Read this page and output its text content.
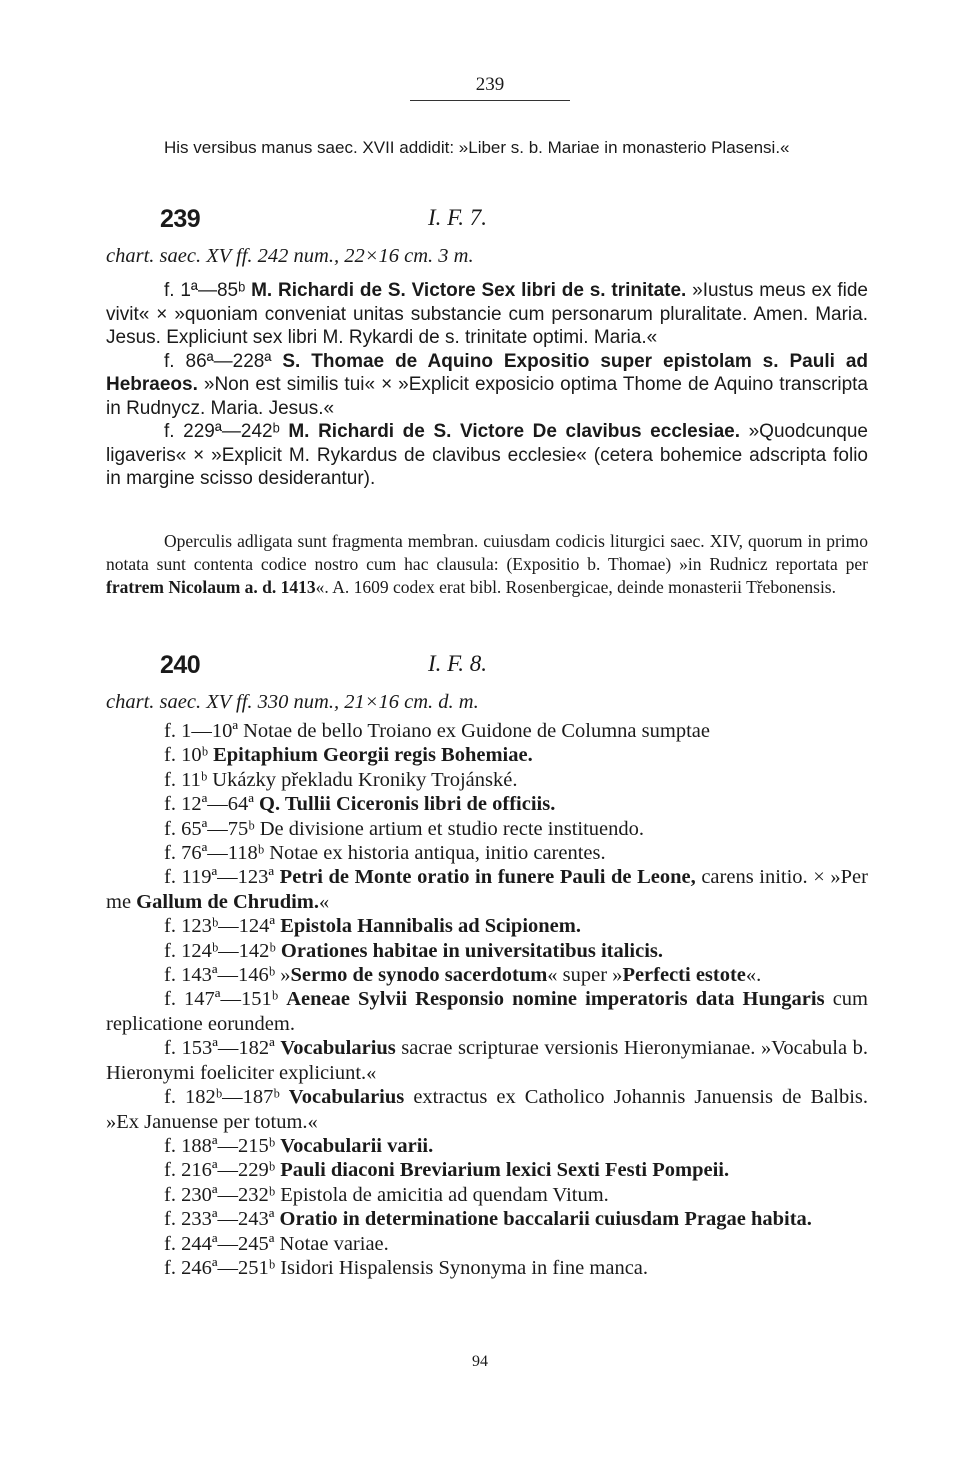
239

His versibus manus saec. XVII addidit: »Liber s. b. Mariae in monasterio Plasensi.«

239	I. F. 7.

chart. saec. XV ff. 242 num., 22×16 cm. 3 m.

f. 1ª—85ᵇ M. Richardi de S. Victore Sex libri de s. trinitate. »Iustus meus ex fide vivit« × »quoniam conveniat unitas substancie cum personarum pluralitate. Amen. Maria. Jesus. Expliciunt sex libri M. Rykardi de s. trinitate optimi. Maria.«

f. 86ª—228ª S. Thomae de Aquino Expositio super epistolam s. Pauli ad Hebraeos. »Non est similis tui« × »Explicit exposicio optima Thome de Aquino transcripta in Rudnycz. Maria. Jesus.«

f. 229ª—242ᵇ M. Richardi de S. Victore De clavibus ecclesiae. »Quodcunque ligaveris« × »Explicit M. Rykardus de clavibus ecclesie« (cetera bohemice adscripta folio in margine scisso desiderantur).

Operculis adligata sunt fragmenta membran. cuiusdam codicis liturgici saec. XIV, quorum in primo notata sunt contenta codice nostro cum hac clausula: (Expositio b. Thomae) »in Rudnicz reportata per fratrem Nicolaum a. d. 1413«. A. 1609 codex erat bibl. Rosenbergicae, deinde monasterii Třebonensis.

240	I. F. 8.

chart. saec. XV ff. 330 num., 21×16 cm. d. m.

f. 1—10ª Notae de bello Troiano ex Guidone de Columna sumptae

f. 10ᵇ Epitaphium Georgii regis Bohemiae.

f. 11ᵇ Ukázky překladu Kroniky Trojánské.

f. 12ª—64ª Q. Tullii Ciceronis libri de officiis.

f. 65ª—75ᵇ De divisione artium et studio recte instituendo.

f. 76ª—118ᵇ Notae ex historia antiqua, initio carentes.

f. 119ª—123ª Petri de Monte oratio in funere Pauli de Leone, carens initio. × »Per me Gallum de Chrudim.«

f. 123ᵇ—124ª Epistola Hannibalis ad Scipionem.

f. 124ᵇ—142ᵇ Orationes habitae in universitatibus italicis.

f. 143ª—146ᵇ »Sermo de synodo sacerdotum« super »Perfecti estote«.

f. 147ª—151ᵇ Aeneae Sylvii Responsio nomine imperatoris data Hungaris cum replicatione eorundem.

f. 153ª—182ª Vocabularius sacrae scripturae versionis Hieronymianae. »Vocabula b. Hieronymi foeliciter expliciunt.«

f. 182ᵇ—187ᵇ Vocabularius extractus ex Catholico Johannis Januensis de Balbis. »Ex Januense per totum.«

f. 188ª—215ᵇ Vocabularii varii.

f. 216ª—229ᵇ Pauli diaconi Breviarium lexici Sexti Festi Pompeii.

f. 230ª—232ᵇ Epistola de amicitia ad quendam Vitum.

f. 233ª—243ª Oratio in determinatione baccalarii cuiusdam Pragae habita.

f. 244ª—245ª Notae variae.

f. 246ª—251ᵇ Isidori Hispalensis Synonyma in fine manca.

94
